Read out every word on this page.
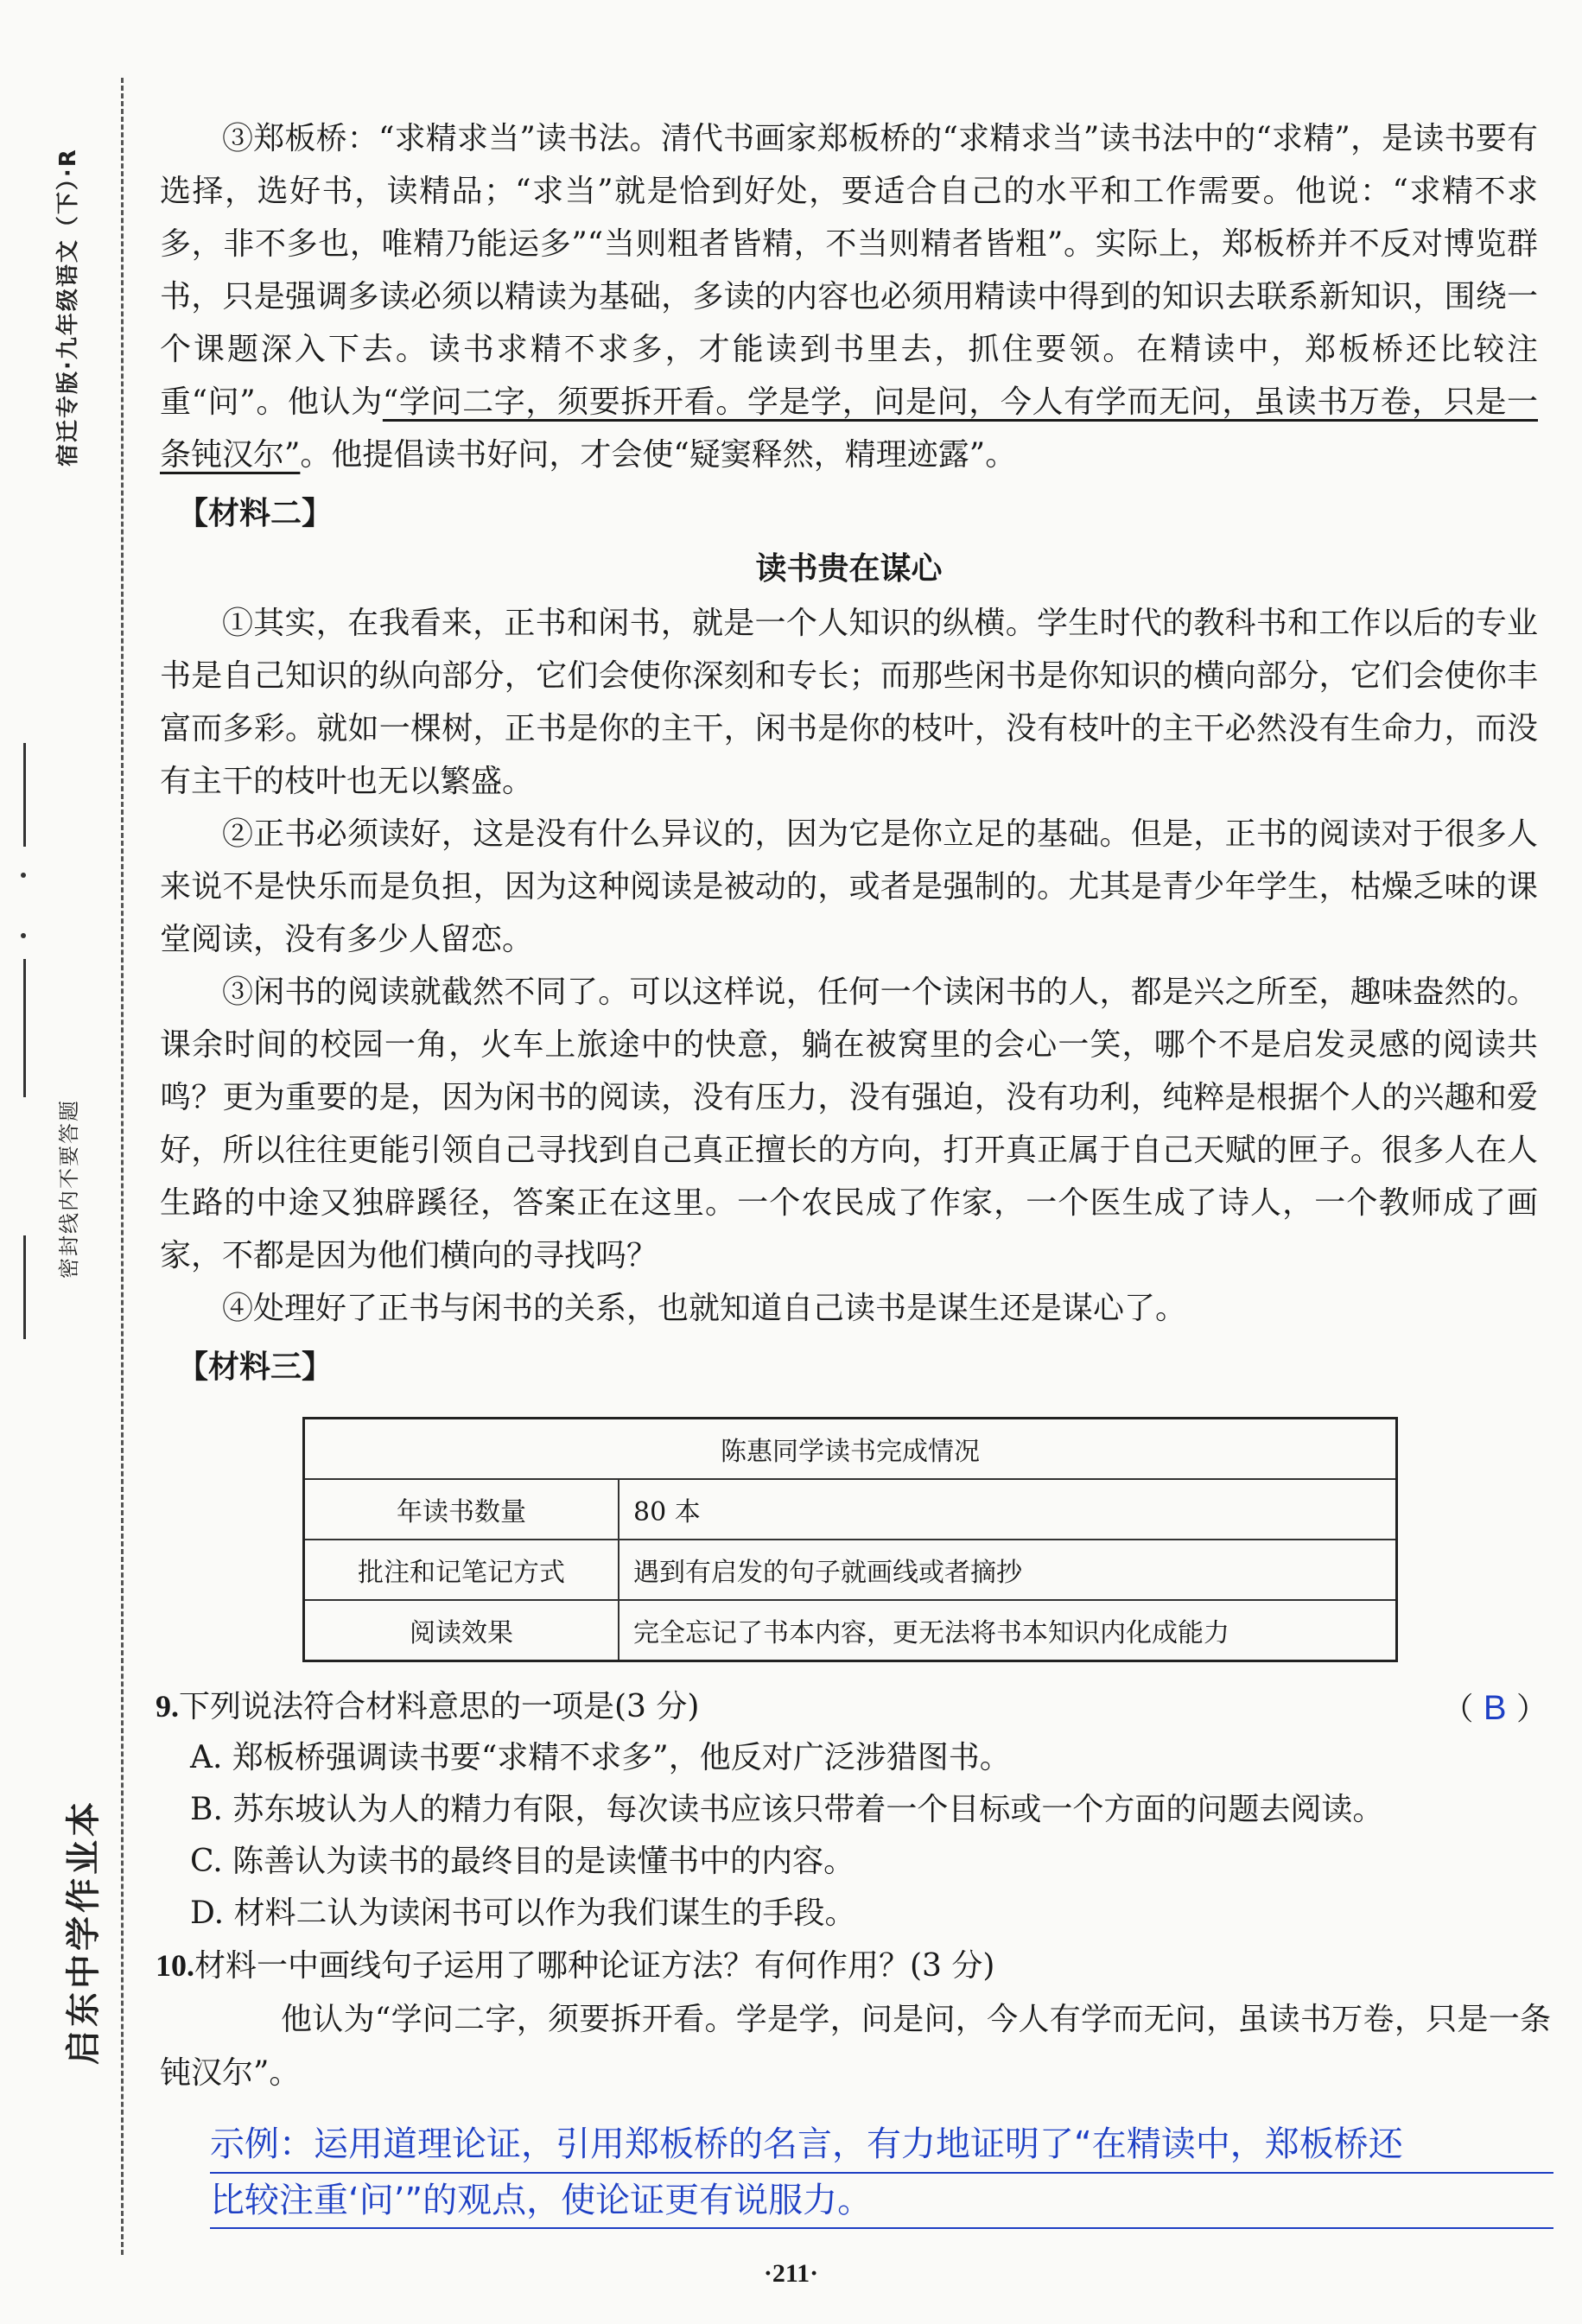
宿迁专版·九年级语文（下）·R
密封线内不要答题
启东中学作业本

③郑板桥：“求精求当”读书法。清代书画家郑板桥的“求精求当”读书法中的“求精”，是读书要有选择，选好书，读精品；“求当”就是恰到好处，要适合自己的水平和工作需要。他说：“求精不求多，非不多也，唯精乃能运多”“当则粗者皆精，不当则精者皆粗”。实际上，郑板桥并不反对博览群书，只是强调多读必须以精读为基础，多读的内容也必须用精读中得到的知识去联系新知识，围绕一个课题深入下去。读书求精不求多，才能读到书里去，抓住要领。在精读中，郑板桥还比较注重“问”。他认为“学问二字，须要拆开看。学是学，问是问，今人有学而无问，虽读书万卷，只是一条钝汉尔”。他提倡读书好问，才会使“疑窦释然，精理迹露”。

【材料二】
读书贵在谋心

①其实，在我看来，正书和闲书，就是一个人知识的纵横。学生时代的教科书和工作以后的专业书是自己知识的纵向部分，它们会使你深刻和专长；而那些闲书是你知识的横向部分，它们会使你丰富而多彩。就如一棵树，正书是你的主干，闲书是你的枝叶，没有枝叶的主干必然没有生命力，而没有主干的枝叶也无以繁盛。

②正书必须读好，这是没有什么异议的，因为它是你立足的基础。但是，正书的阅读对于很多人来说不是快乐而是负担，因为这种阅读是被动的，或者是强制的。尤其是青少年学生，枯燥乏味的课堂阅读，没有多少人留恋。

③闲书的阅读就截然不同了。可以这样说，任何一个读闲书的人，都是兴之所至，趣味盎然的。课余时间的校园一角，火车上旅途中的快意，躺在被窝里的会心一笑，哪个不是启发灵感的阅读共鸣？更为重要的是，因为闲书的阅读，没有压力，没有强迫，没有功利，纯粹是根据个人的兴趣和爱好，所以往往更能引领自己寻找到自己真正擅长的方向，打开真正属于自己天赋的匣子。很多人在人生路的中途又独辟蹊径，答案正在这里。一个农民成了作家，一个医生成了诗人，一个教师成了画家，不都是因为他们横向的寻找吗？

④处理好了正书与闲书的关系，也就知道自己读书是谋生还是谋心了。

【材料三】
陈惠同学读书完成情况	
年读书数量	80 本
批注和记笔记方式	遇到有启发的句子就画线或者摘抄
阅读效果	完全忘记了书本内容，更无法将书本知识内化成能力
9.下列说法符合材料意思的一项是(3 分)	（ B ）
A. 郑板桥强调读书要“求精不求多”，他反对广泛涉猎图书。
B. 苏东坡认为人的精力有限，每次读书应该只带着一个目标或一个方面的问题去阅读。
C. 陈善认为读书的最终目的是读懂书中的内容。
D. 材料二认为读闲书可以作为我们谋生的手段。
10.材料一中画线句子运用了哪种论证方法？有何作用？(3 分)
他认为“学问二字，须要拆开看。学是学，问是问，今人有学而无问，虽读书万卷，只是一条钝汉尔”。
示例：运用道理论证，引用郑板桥的名言，有力地证明了“在精读中，郑板桥还
比较注重‘问’”的观点，使论证更有说服力。
·211·
